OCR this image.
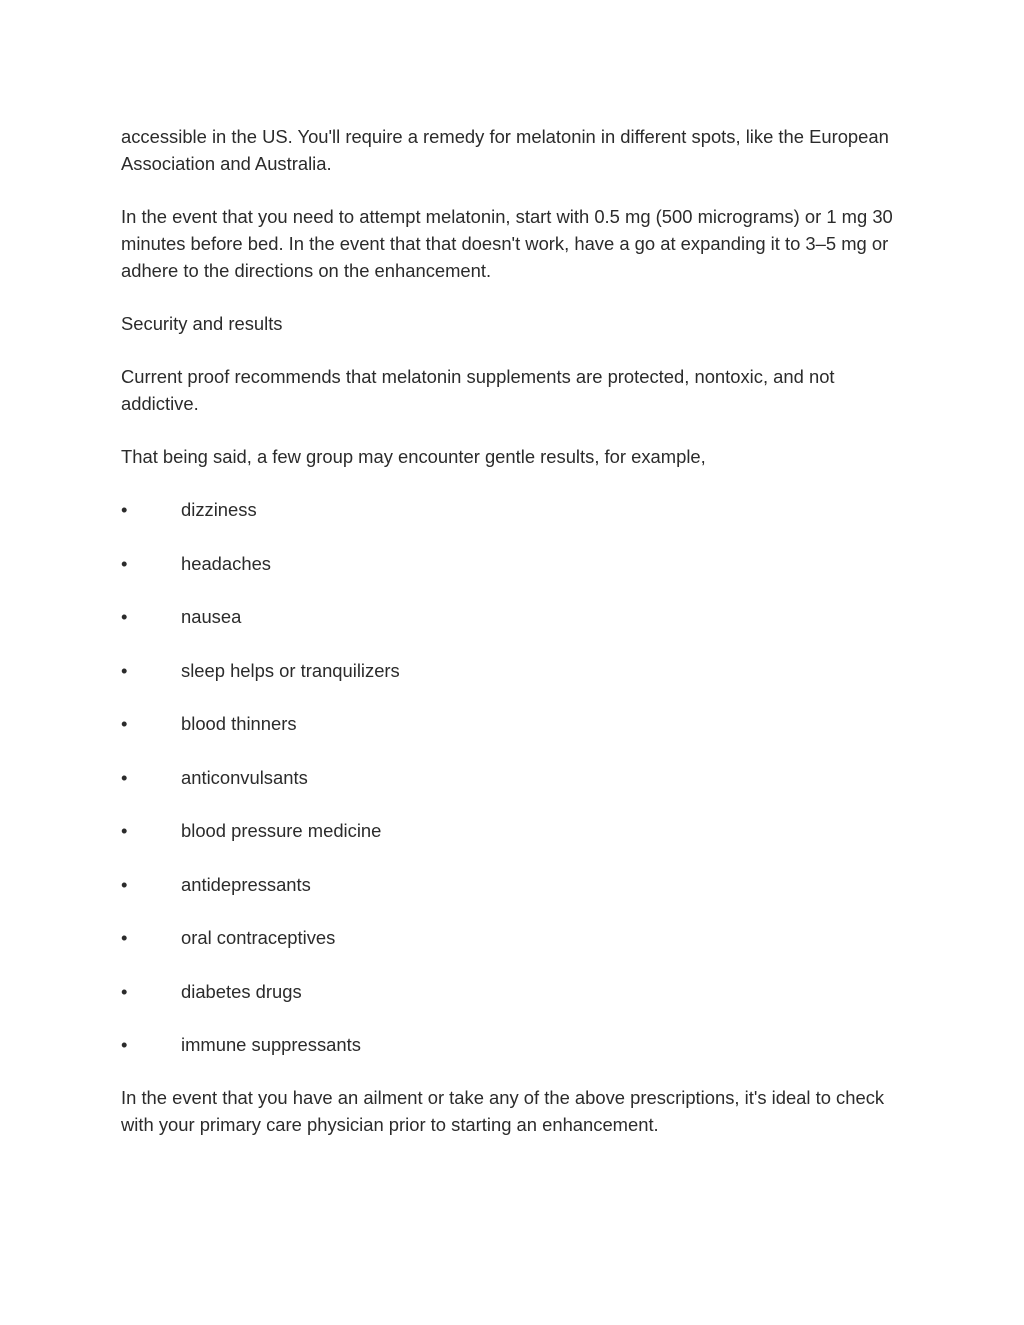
accessible in the US. You'll require a remedy for melatonin in different spots, like the European Association and Australia.

In the event that you need to attempt melatonin, start with 0.5 mg (500 micrograms) or 1 mg 30 minutes before bed. In the event that that doesn't work, have a go at expanding it to 3–5 mg or adhere to the directions on the enhancement.

Security and results

Current proof recommends that melatonin supplements are protected, nontoxic, and not addictive.

That being said, a few group may encounter gentle results, for example,

•	dizziness
•	headaches
•	nausea
•	sleep helps or tranquilizers
•	blood thinners
•	anticonvulsants
•	blood pressure medicine
•	antidepressants
•	oral contraceptives
•	diabetes drugs
•	immune suppressants

In the event that you have an ailment or take any of the above prescriptions, it's ideal to check with your primary care physician prior to starting an enhancement.
